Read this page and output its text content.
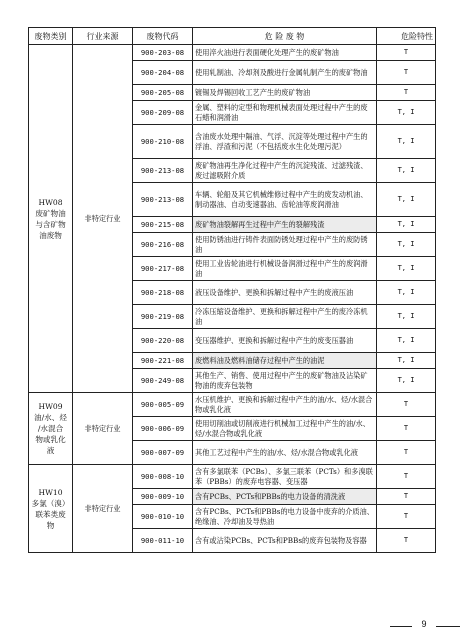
废物类别	行业来源	废物代码	危 险 废 物	危险特性
HW08
废矿物油
与含矿物
油废物	非特定行业	900-203-08	使用淬火油进行表面硬化处理产生的废矿物油	T
		900-204-08	使用轧制油、冷却剂及酸进行金属轧制产生的废矿物油	T
		900-205-08	镀锡及焊锡回收工艺产生的废矿物油	T
		900-209-08	金属、塑料的定型和物理机械表面处理过程中产生的废石蜡和润滑油	T, I
		900-210-08	含油废水处理中隔油、气浮、沉淀等处理过程中产生的浮油、浮渣和污泥（不包括废水生化处理污泥）	T, I
		900-213-08	废矿物油再生净化过程中产生的沉淀残渣、过滤残渣、废过滤吸附介质	T, I
		900-213-08	车辆、轮船及其它机械维修过程中产生的废发动机油、制动器油、自动变速器油、齿轮油等废润滑油	T, I
		900-215-08	废矿物油裂解再生过程中产生的裂解残渣	T, I
		900-216-08	使用防锈油进行铸件表面防锈处理过程中产生的废防锈油	T, I
		900-217-08	使用工业齿轮油进行机械设备润滑过程中产生的废润滑油	T, I
		900-218-08	液压设备维护、更换和拆解过程中产生的废液压油	T, I
		900-219-08	冷冻压缩设备维护、更换和拆解过程中产生的废冷冻机油	T, I
		900-220-08	变压器维护、更换和拆解过程中产生的废变压器油	T, I
		900-221-08	废燃料油及燃料油储存过程中产生的油泥	T, I
		900-249-08	其他生产、销售、使用过程中产生的废矿物油及沾染矿物油的废弃包装物	T, I
HW09
油/水、烃
/水混合
物或乳化
液	非特定行业	900-005-09	水压机维护、更换和拆解过程中产生的油/水、烃/水混合物或乳化液	T
		900-006-09	使用切削油或切削液进行机械加工过程中产生的油/水、烃/水混合物或乳化液	T
		900-007-09	其他工艺过程中产生的油/水、烃/水混合物或乳化液	T
HW10
多氯（溴）
联苯类废
物	非特定行业	900-008-10	含有多氯联苯（PCBs）、多氯三联苯（PCTs）和多溴联苯（PBBs）的废弃电容器、变压器	T
		900-009-10	含有PCBs、PCTs和PBBs的电力设备的清洗液	T
		900-010-10	含有PCBs、PCTs和PBBs的电力设备中废弃的介质油、绝缘油、冷却油及导热油	T
		900-011-10	含有或沾染PCBs、PCTs和PBBs的废弃包装物及容器	T
9
